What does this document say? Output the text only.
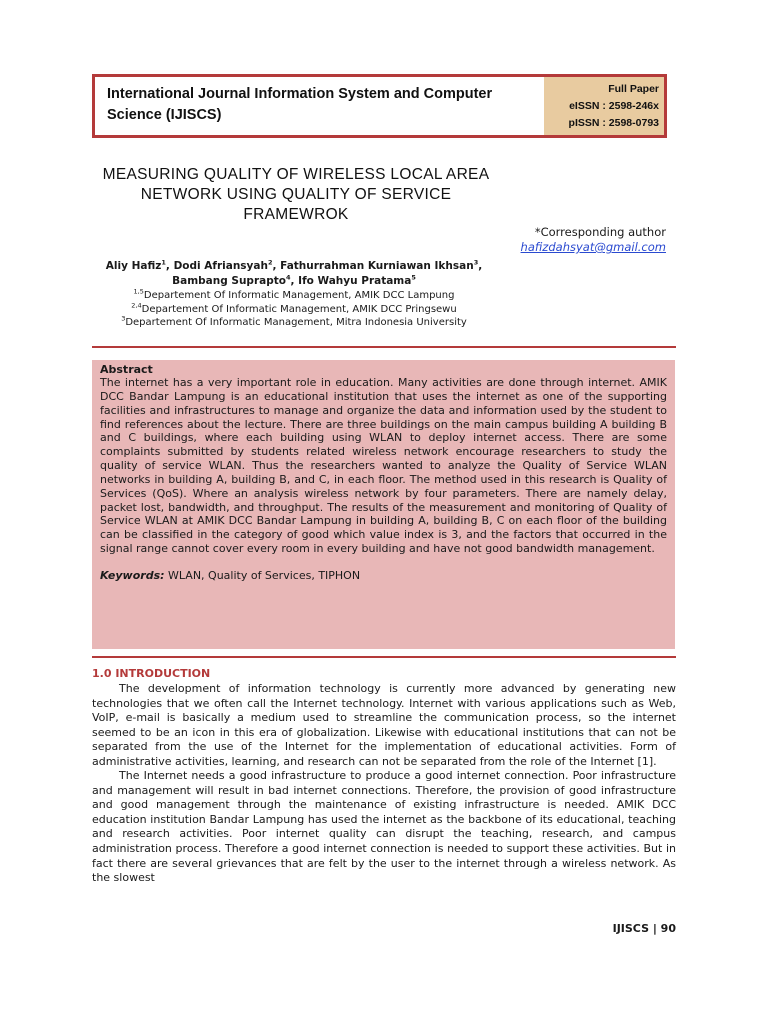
International Journal Information System and Computer Science (IJISCS)
Full Paper
eISSN : 2598-246x
pISSN : 2598-0793
MEASURING QUALITY OF WIRELESS LOCAL AREA NETWORK USING QUALITY OF SERVICE FRAMEWROK
*Corresponding author
hafizdahsyat@gmail.com
Aliy Hafiz$^1$, Dodi Afriansyah$^2$, Fathurrahman Kurniawan Ikhsan$^3$,
Bambang Suprapto$^4$, Ifo Wahyu Pratama$^5$
$^{1,5}$Departement Of Informatic Management, AMIK DCC Lampung
$^{2,4}$Departement Of Informatic Management, AMIK DCC Pringsewu
$^3$Departement Of Informatic Management, Mitra Indonesia University
Abstract

The internet has a very important role in education. Many activities are done through internet. AMIK DCC Bandar Lampung is an educational institution that uses the internet as one of the supporting facilities and infrastructures to manage and organize the data and information used by the student to find references about the lecture. There are three buildings on the main campus building A building B and C buildings, where each building using WLAN to deploy internet access. There are some complaints submitted by students related wireless network encourage researchers to study the quality of service WLAN. Thus the researchers wanted to analyze the Quality of Service WLAN networks in building A, building B, and C, in each floor. The method used in this research is Quality of Services (QoS). Where an analysis wireless network by four parameters. There are namely delay, packet lost, bandwidth, and throughput. The results of the measurement and monitoring of Quality of Service WLAN at AMIK DCC Bandar Lampung in building A, building B, C on each floor of the building can be classified in the category of good which value index is 3, and the factors that occurred in the signal range cannot cover every room in every building and have not good bandwidth management.

Keywords: WLAN, Quality of Services, TIPHON
1.0 INTRODUCTION

The development of information technology is currently more advanced by generating new technologies that we often call the Internet technology. Internet with various applications such as Web, VoIP, e-mail is basically a medium used to streamline the communication process, so the internet seemed to be an icon in this era of globalization. Likewise with educational institutions that can not be separated from the use of the Internet for the implementation of educational activities. Form of administrative activities, learning, and research can not be separated from the role of the Internet [1].

The Internet needs a good infrastructure to produce a good internet connection. Poor infrastructure and management will result in bad internet connections. Therefore, the provision of good infrastructure and good management through the maintenance of existing infrastructure is needed. AMIK DCC education institution Bandar Lampung has used the internet as the backbone of its educational, teaching and research activities. Poor internet quality can disrupt the teaching, research, and campus administration process. Therefore a good internet connection is needed to support these activities. But in fact there are several grievances that are felt by the user to the internet through a wireless network. As the slowest

IJISCS | 90
